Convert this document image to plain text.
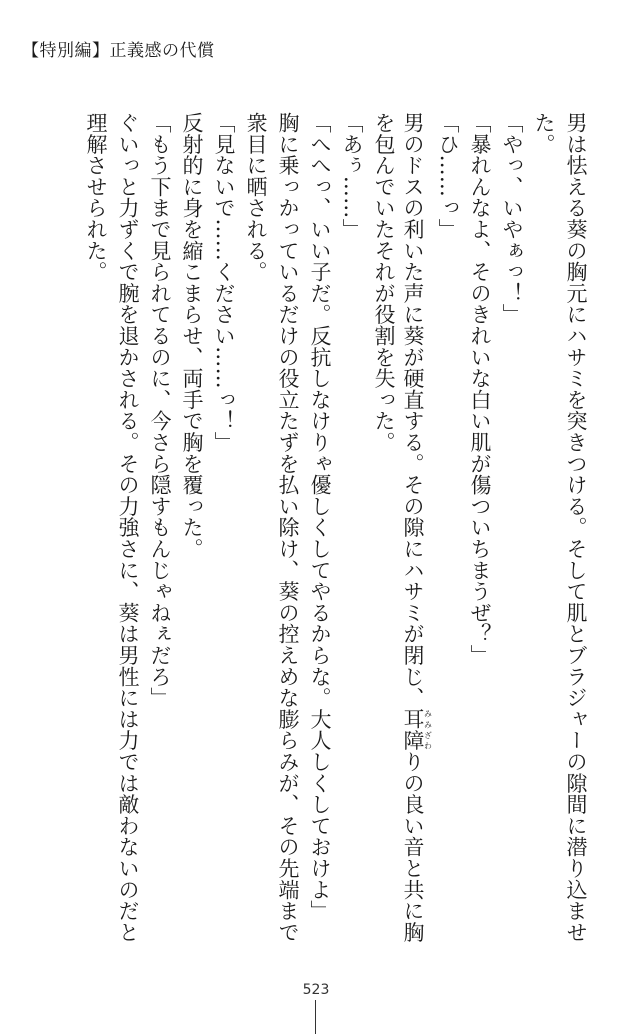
【特別編】正義感の代償
男は怯える葵の胸元にハサミを突きつける。そして肌とブラジャーの隙間に潜り込ませ
た。
「やっ、いやぁっ！」
「暴れんなよ、そのきれいな白い肌が傷ついちまうぜ？」
「ひ……っ」
男のドスの利いた声に葵が硬直する。その隙にハサミが閉じ、耳障みみざわりの良い音と共に胸
を包んでいたそれが役割を失った。
「あぅ……」
「へへっ、いい子だ。反抗しなけりゃ優しくしてやるからな。大人しくしておけよ」
胸に乗っかっているだけの役立たずを払い除け、葵の控えめな膨らみが、その先端まで
衆目に晒される。
「見ないで……ください……っ！」
反射的に身を縮こまらせ、両手で胸を覆った。
「もう下まで見られてるのに、今さら隠すもんじゃねぇだろ」
ぐいっと力ずくで腕を退かされる。その力強さに、葵は男性には力では敵わないのだと
理解させられた。
523
